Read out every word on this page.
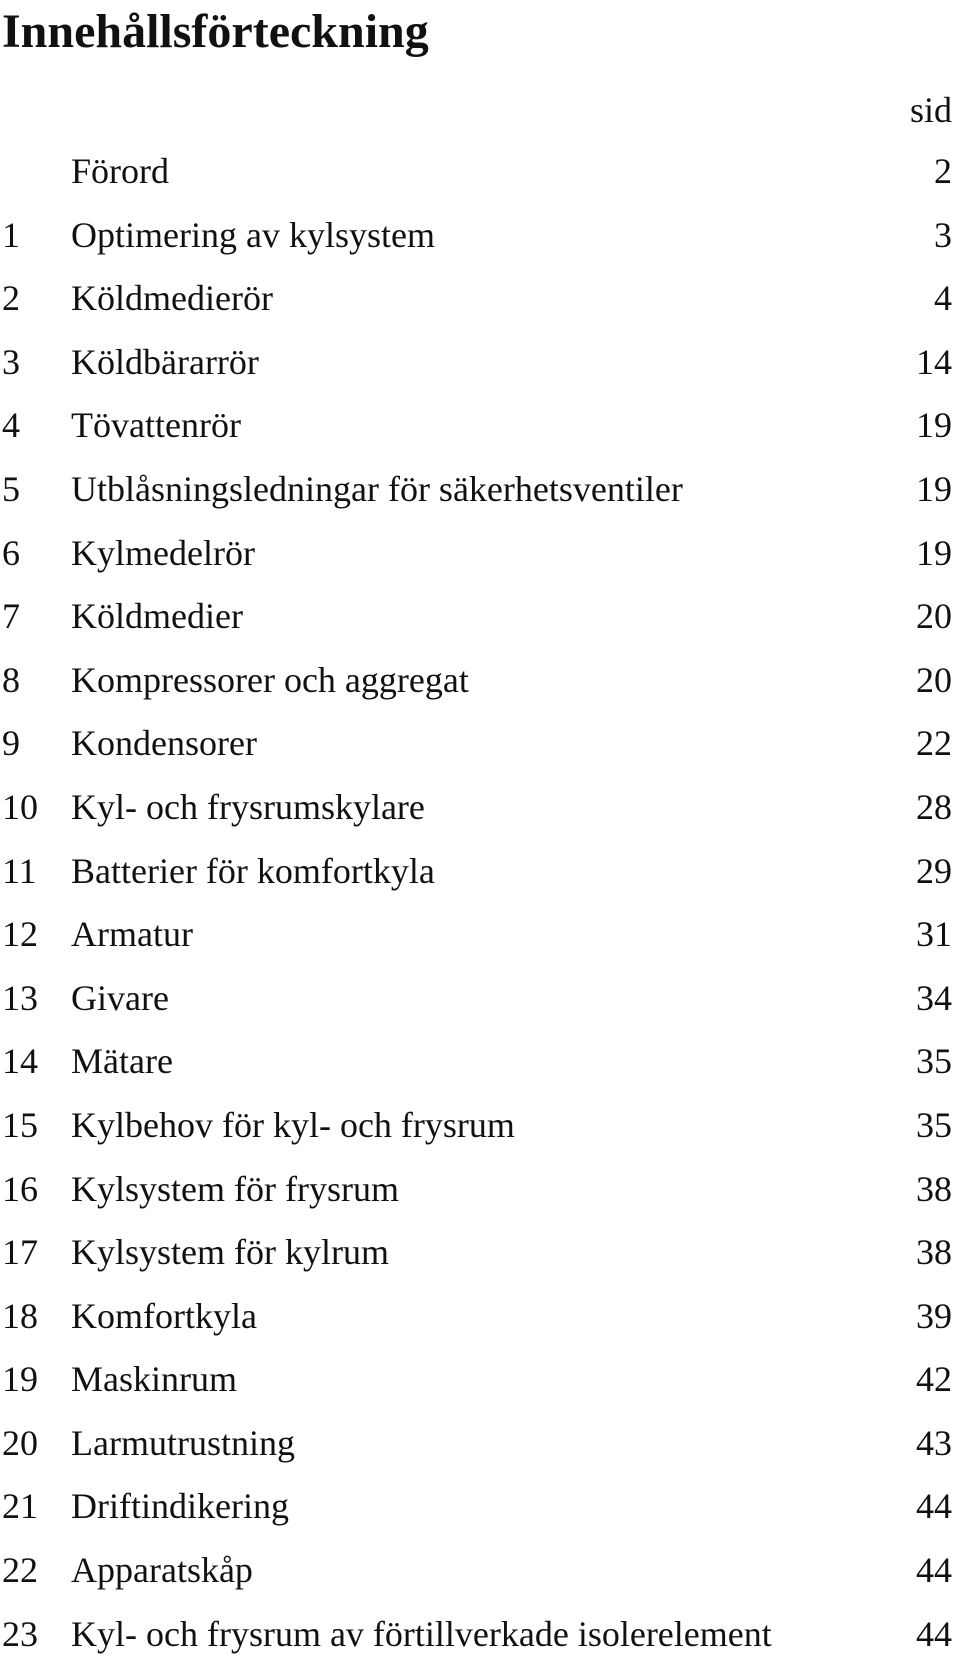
Innehållsförteckning
sid
Förord	2
1 Optimering av kylsystem	3
2 Köldmedierör	4
3 Köldbärarrör	14
4 Tövattenrör	19
5 Utblåsningsledningar för säkerhetsventiler	19
6 Kylmedelrör	19
7 Köldmedier	20
8 Kompressorer och aggregat	20
9 Kondensorer	22
10 Kyl- och frysrumskylare	28
11 Batterier för komfortkyla	29
12 Armatur	31
13 Givare	34
14 Mätare	35
15 Kylbehov för kyl- och frysrum	35
16 Kylsystem för frysrum	38
17 Kylsystem för kylrum	38
18 Komfortkyla	39
19 Maskinrum	42
20 Larmutrustning	43
21 Driftindikering	44
22 Apparatskåp	44
23 Kyl- och frysrum av förtillverkade isolerelement	44
